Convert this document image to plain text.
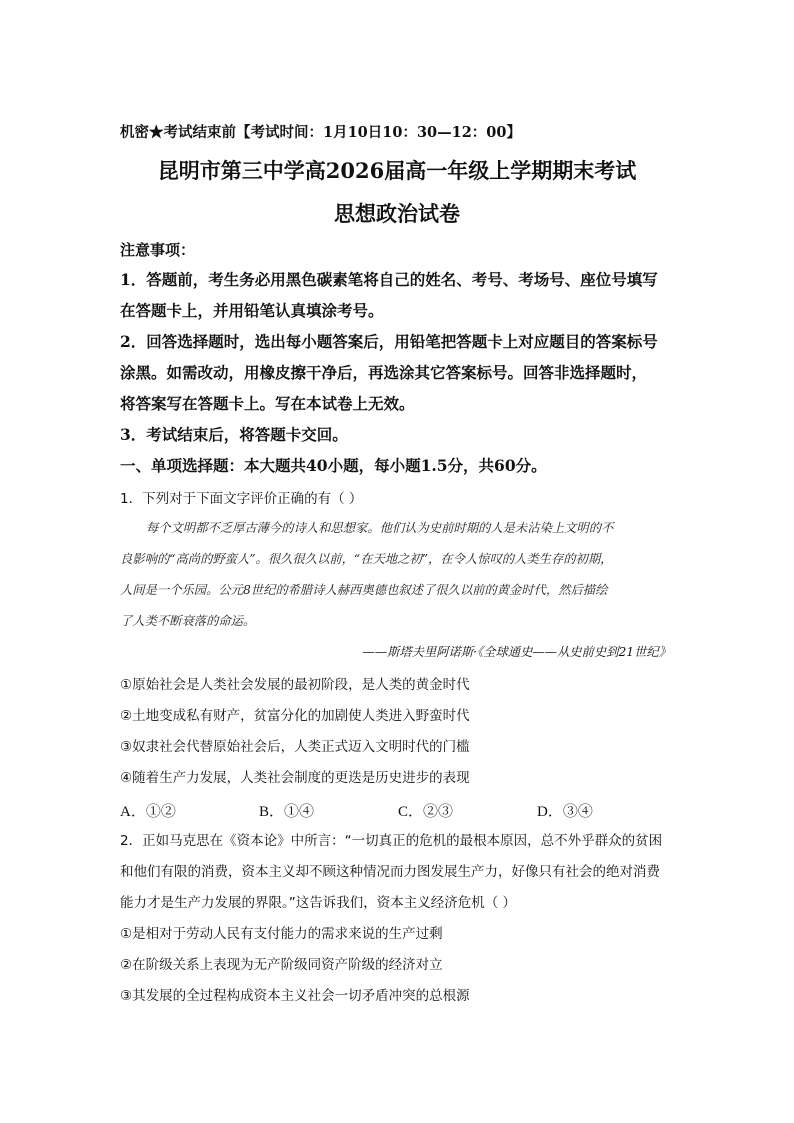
机密★考试结束前【考试时间：1月10日10：30—12：00】
昆明市第三中学高2026届高一年级上学期期末考试
思想政治试卷
注意事项：
1．答题前，考生务必用黑色碳素笔将自己的姓名、考号、考场号、座位号填写
在答题卡上，并用铅笔认真填涂考号。
2．回答选择题时，选出每小题答案后，用铅笔把答题卡上对应题目的答案标号
涂黑。如需改动，用橡皮擦干净后，再选涂其它答案标号。回答非选择题时，
将答案写在答题卡上。写在本试卷上无效。
3．考试结束后，将答题卡交回。
一、单项选择题：本大题共40小题，每小题1.5分，共60分。
1．下列对于下面文字评价正确的有（ ）
每个文明都不乏厚古薄今的诗人和思想家。他们认为史前时期的人是未沾染上文明的不
良影响的“高尚的野蛮人”。很久很久以前，“在天地之初”，在令人惊叹的人类生存的初期，
人间是一个乐园。公元8世纪的希腊诗人赫西奥德也叙述了很久以前的黄金时代，然后描绘
了人类不断衰落的命运。
——斯塔夫里阿诺斯·《全球通史——从史前史到21世纪》
①原始社会是人类社会发展的最初阶段，是人类的黄金时代
②土地变成私有财产，贫富分化的加剧使人类进入野蛮时代
③奴隶社会代替原始社会后，人类正式迈入文明时代的门槛
④随着生产力发展，人类社会制度的更迭是历史进步的表现
A．①②	B．①④	C．②③	D．③④
2．正如马克思在《资本论》中所言：“一切真正的危机的最根本原因，总不外乎群众的贫困
和他们有限的消费，资本主义却不顾这种情况而力图发展生产力，好像只有社会的绝对消费
能力才是生产力发展的界限。”这告诉我们，资本主义经济危机（ ）
①是相对于劳动人民有支付能力的需求来说的生产过剩
②在阶级关系上表现为无产阶级同资产阶级的经济对立
③其发展的全过程构成资本主义社会一切矛盾冲突的总根源
